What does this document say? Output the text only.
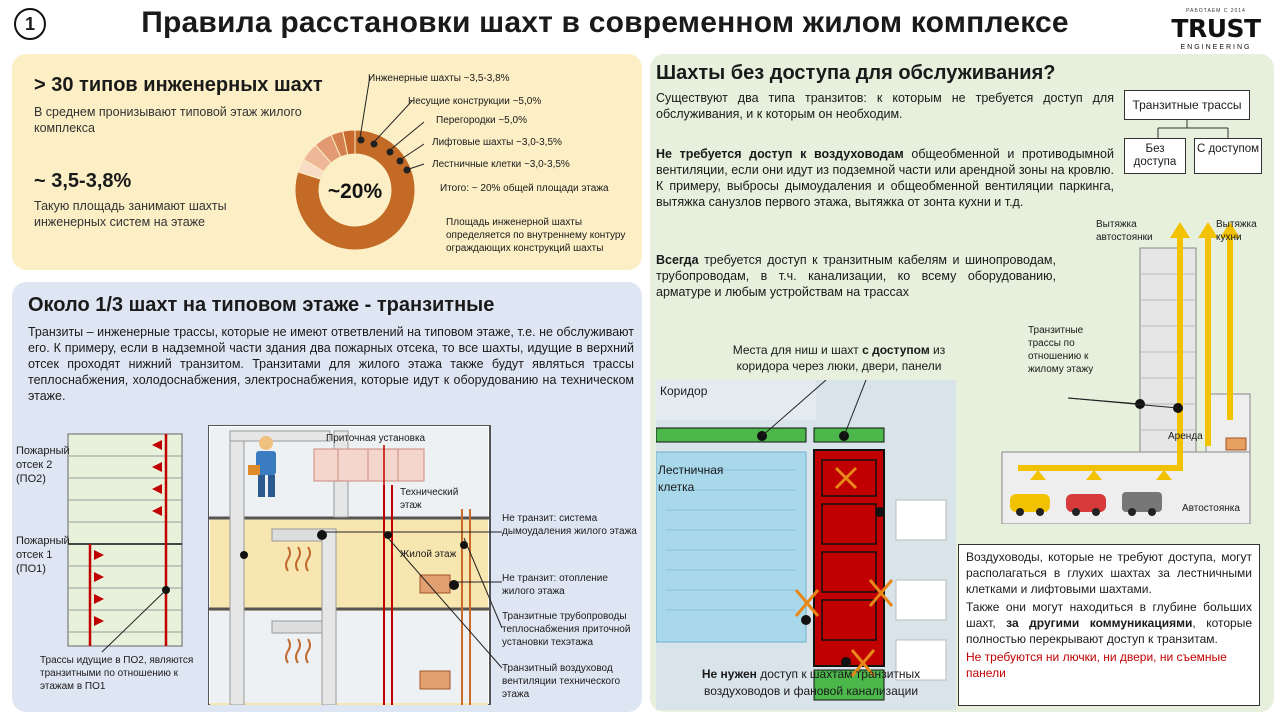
1	Правила расстановки шахт в современном жилом комплексе	РАБОТАЕМ С 2014
TRUST
ENGINEERING
> 30 типов инженерных шахт
В среднем пронизывают типовой этаж жилого комплекса
~ 3,5-3,8%
Такую площадь занимают шахты инженерных систем на этаже
~20%
Инженерные шахты ~3,5-3,8%
Несущие конструкции ~5,0%
Перегородки ~5,0%
Лифтовые шахты ~3,0-3,5%
Лестничные клетки ~3,0-3,5%
Итого: ~ 20% общей площади этажа
Площадь инженерной шахты определяется по внутреннему контуру ограждающих конструкций шахты
Около 1/3 шахт на типовом этаже - транзитные
Транзиты – инженерные трассы, которые не имеют ответвлений на типовом этаже, т.е. не обслуживают его. К примеру, если в надземной части здания два пожарных отсека, то все шахты, идущие в верхний отсек проходят нижний транзитом. Транзитами для жилого этажа также будут являться трассы теплоснабжения, холодоснабжения, электроснабжения, которые идут к оборудованию на техническом этаже.
Пожарный отсек 2 (ПО2)
Пожарный отсек 1 (ПО1)
Трассы идущие в ПО2, являются транзитными по отношению к этажам в ПО1
Приточная установка
Технический этаж
Жилой этаж
Не транзит: система дымоудаления жилого этажа
Не транзит: отопление жилого этажа
Транзитные трубопроводы теплоснабжения приточной установки техэтажа
Транзитный воздуховод вентиляции технического этажа
Шахты без доступа для обслуживания?
Существуют два типа транзитов: к которым не требуется доступ для обслуживания, и к которым он необходим.
Не требуется доступ к воздуховодам общеобменной и противодымной вентиляции, если они идут из подземной части или арендной зоны на кровлю. К примеру, выбросы дымоудаления и общеобменной вентиляции паркинга, вытяжка санузлов первого этажа, вытяжка от зонта кухни и т.д.
Всегда требуется доступ к транзитным кабелям и шинопроводам, трубопроводам, в т.ч. канализации, ко всему оборудованию, арматуре и любым устройствам на трассах
Транзитные трассы
Без доступа
С доступом
Места для ниш и шахт с доступом из коридора через люки, двери, панели
Коридор
Лестничная клетка
Не нужен доступ к шахтам транзитных воздуховодов и фановой канализации
Вытяжка автостоянки
Вытяжка кухни
Транзитные трассы по отношению к жилому этажу
Аренда
Автостоянка
Воздуховоды, которые не требуют доступа, могут располагаться в глухих шахтах за лестничными клетками и лифтовыми шахтами.
Также они могут находиться в глубине больших шахт, за другими коммуникациями, которые полностью перекрывают доступ к транзитам.
Не требуются ни лючки, ни двери, ни съемные панели
